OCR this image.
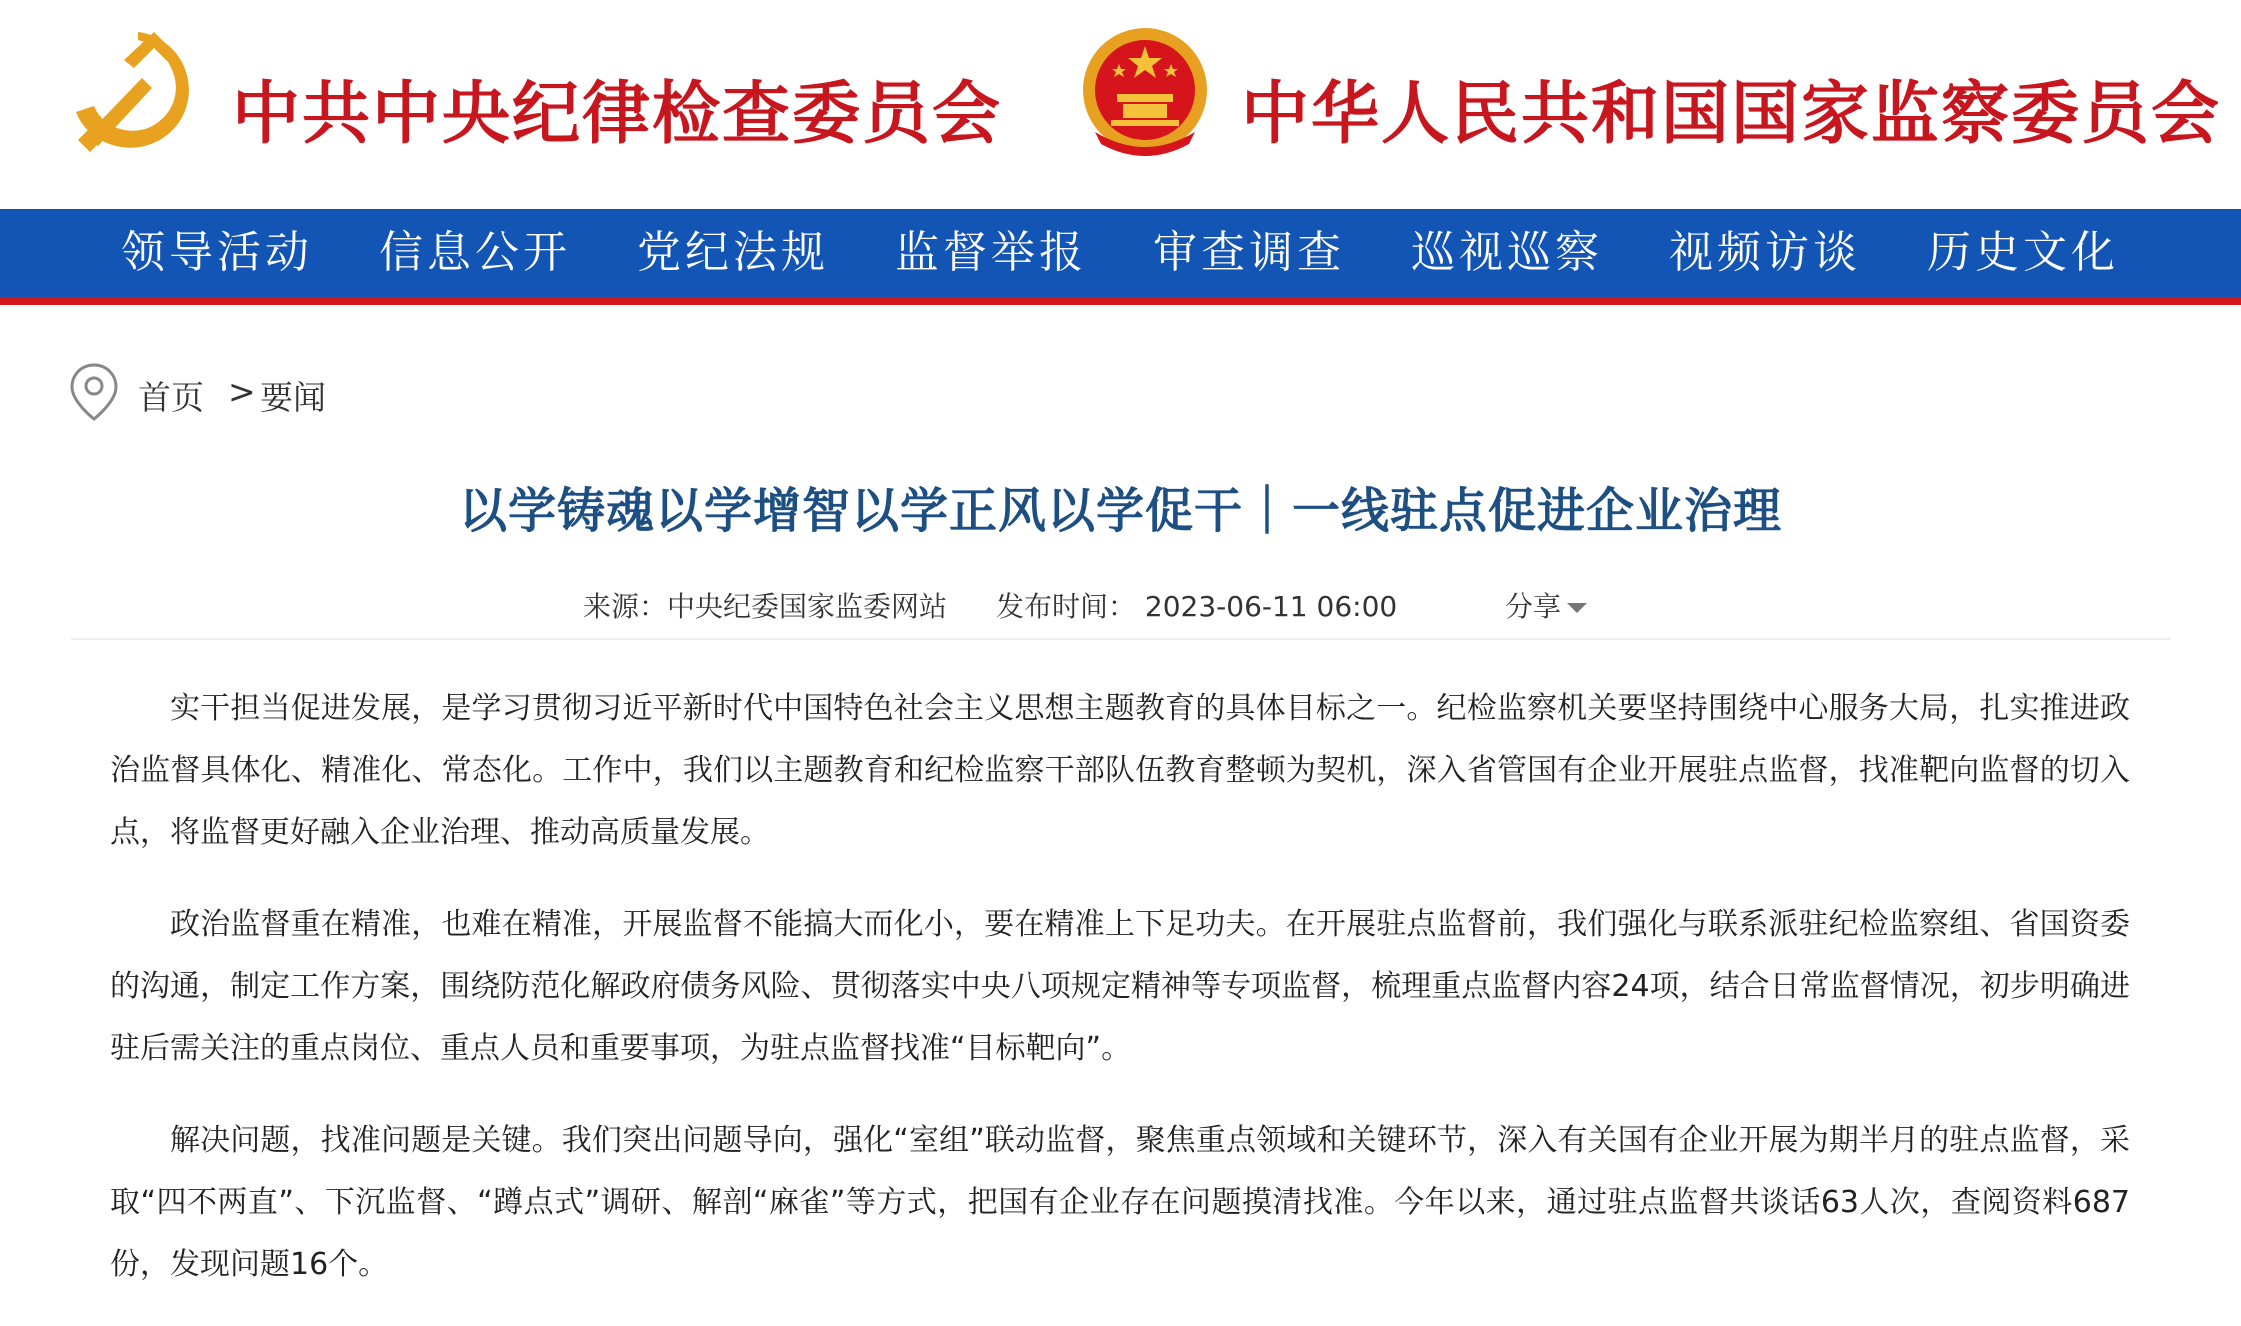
中共中央纪律检查委员会	中华人民共和国国家监察委员会
领导活动	信息公开	党纪法规	监督举报	审查调查	巡视巡察	视频访谈	历史文化
首页 > 要闻
以学铸魂以学增智以学正风以学促干｜一线驻点促进企业治理
来源：中央纪委国家监委网站 发布时间： 2023-06-11 06:00	分享

实干担当促进发展，是学习贯彻习近平新时代中国特色社会主义思想主题教育的具体目标之一。纪检监察机关要坚持围绕中心服务大局，扎实推进政治监督具体化、精准化、常态化。工作中，我们以主题教育和纪检监察干部队伍教育整顿为契机，深入省管国有企业开展驻点监督，找准靶向监督的切入点，将监督更好融入企业治理、推动高质量发展。

政治监督重在精准，也难在精准，开展监督不能搞大而化小，要在精准上下足功夫。在开展驻点监督前，我们强化与联系派驻纪检监察组、省国资委的沟通，制定工作方案，围绕防范化解政府债务风险、贯彻落实中央八项规定精神等专项监督，梳理重点监督内容24项，结合日常监督情况，初步明确进驻后需关注的重点岗位、重点人员和重要事项，为驻点监督找准“目标靶向”。

解决问题，找准问题是关键。我们突出问题导向，强化“室组”联动监督，聚焦重点领域和关键环节，深入有关国有企业开展为期半月的驻点监督，采取“四不两直”、下沉监督、“蹲点式”调研、解剖“麻雀”等方式，把国有企业存在问题摸清找准。今年以来，通过驻点监督共谈话63人次，查阅资料687份，发现问题16个。
